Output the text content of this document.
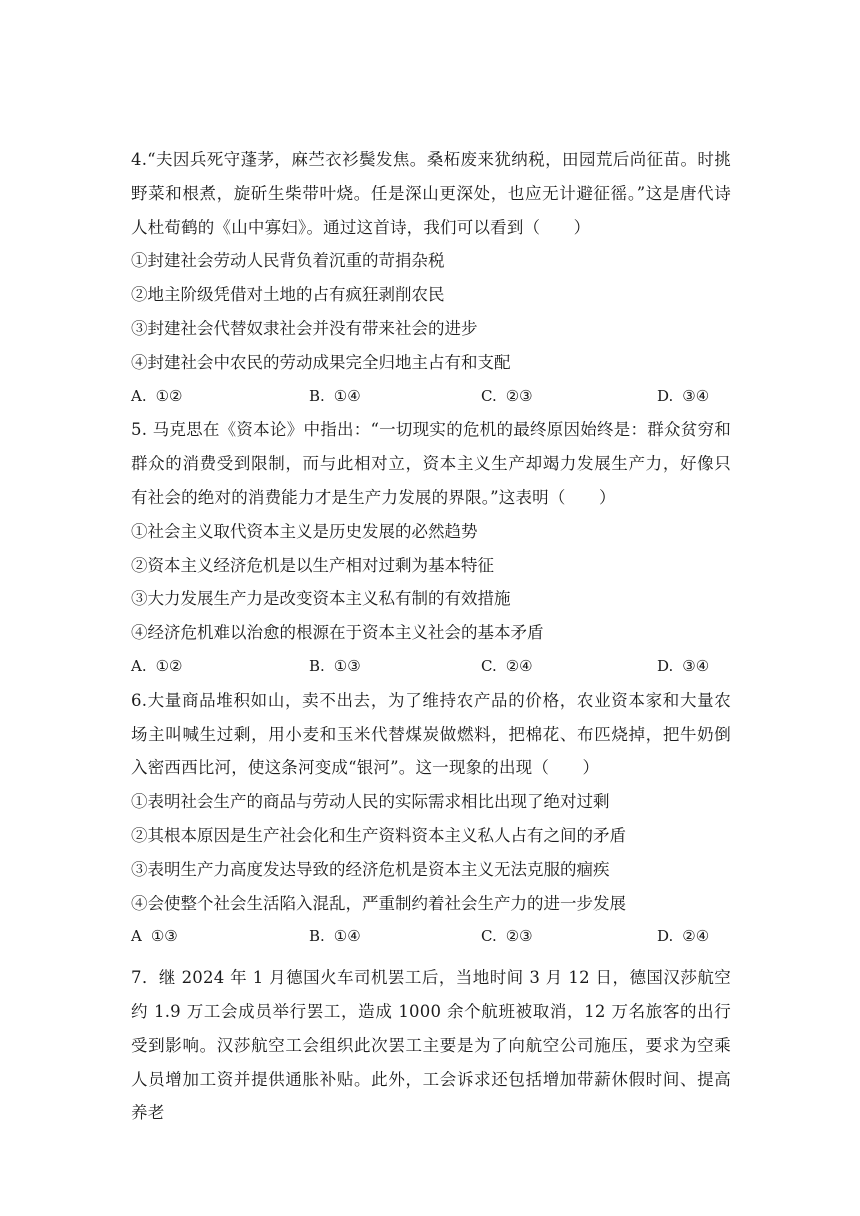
4.“夫因兵死守蓬茅，麻苎衣衫鬓发焦。桑柘废来犹纳税，田园荒后尚征苗。时挑野菜和根煮，旋斫生柴带叶烧。任是深山更深处，也应无计避征徭。”这是唐代诗人杜荀鹤的《山中寡妇》。通过这首诗，我们可以看到（　　）

①封建社会劳动人民背负着沉重的苛捐杂税

②地主阶级凭借对土地的占有疯狂剥削农民

③封建社会代替奴隶社会并没有带来社会的进步

④封建社会中农民的劳动成果完全归地主占有和支配

A. ①②	B. ①④	C. ②③	D. ③④

5. 马克思在《资本论》中指出：“一切现实的危机的最终原因始终是：群众贫穷和群众的消费受到限制，而与此相对立，资本主义生产却竭力发展生产力，好像只有社会的绝对的消费能力才是生产力发展的界限。”这表明（　　）

①社会主义取代资本主义是历史发展的必然趋势

②资本主义经济危机是以生产相对过剩为基本特征

③大力发展生产力是改变资本主义私有制的有效措施

④经济危机难以治愈的根源在于资本主义社会的基本矛盾

A. ①②	B. ①③	C. ②④	D. ③④

6.大量商品堆积如山，卖不出去，为了维持农产品的价格，农业资本家和大量农场主叫喊生过剩，用小麦和玉米代替煤炭做燃料，把棉花、布匹烧掉，把牛奶倒入密西西比河，使这条河变成“银河”。这一现象的出现（　　）

①表明社会生产的商品与劳动人民的实际需求相比出现了绝对过剩

②其根本原因是生产社会化和生产资料资本主义私人占有之间的矛盾

③表明生产力高度发达导致的经济危机是资本主义无法克服的痼疾

④会使整个社会生活陷入混乱，严重制约着社会生产力的进一步发展

A ①③	B. ①④	C. ②③	D. ②④

7．继 2024 年 1 月德国火车司机罢工后，当地时间 3 月 12 日，德国汉莎航空约 1.9 万工会成员举行罢工，造成 1000 余个航班被取消，12 万名旅客的出行受到影响。汉莎航空工会组织此次罢工主要是为了向航空公司施压，要求为空乘人员增加工资并提供通胀补贴。此外，工会诉求还包括增加带薪休假时间、提高养老
